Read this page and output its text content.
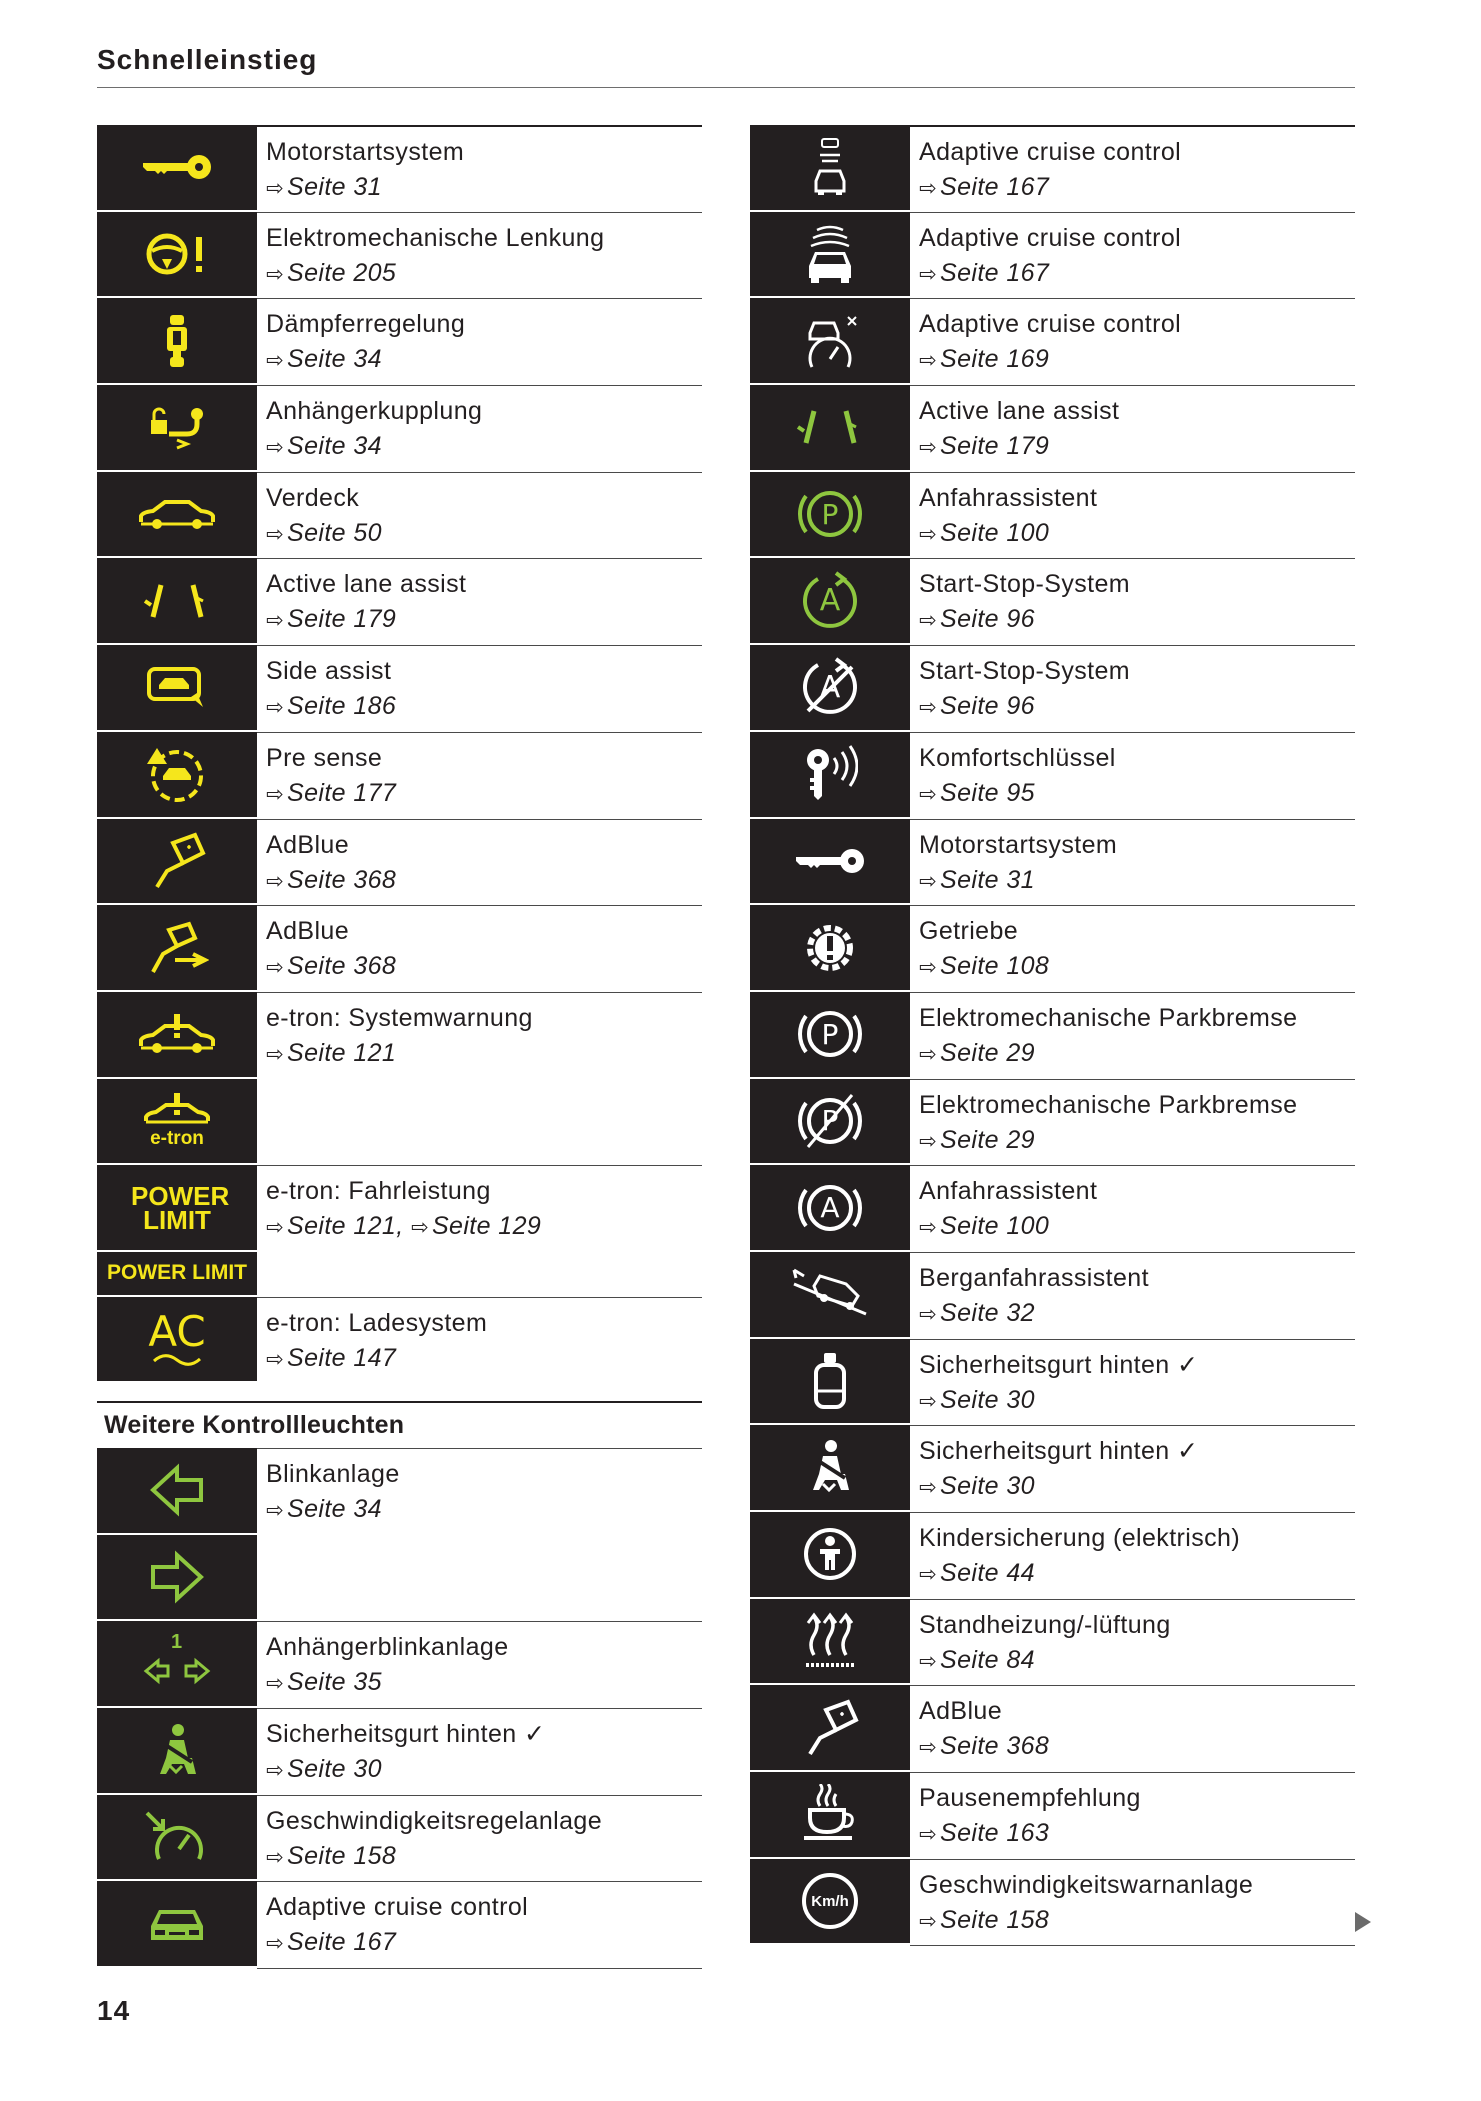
Schnelleinstieg
Motorstartsystem
⇨ Seite 31
Elektromechanische Lenkung
⇨ Seite 205
Dämpferregelung
⇨ Seite 34
Anhängerkupplung
⇨ Seite 34
Verdeck
⇨ Seite 50
Active lane assist
⇨ Seite 179
Side assist
⇨ Seite 186
Pre sense
⇨ Seite 177
AdBlue
⇨ Seite 368
AdBlue
⇨ Seite 368
e-tron: Systemwarnung
⇨ Seite 121
e-tron
POWER LIMIT
e-tron: Fahrleistung
⇨ Seite 121, ⇨ Seite 129
POWER LIMIT
AC e-tron: Ladesystem
⇨ Seite 147
Weitere Kontrollleuchten
Blinkanlage
⇨ Seite 34
1	Anhängerblinkanlage
⇨ Seite 35
Sicherheitsgurt hinten ✓
⇨ Seite 30
Geschwindigkeitsregelanlage
⇨ Seite 158
Adaptive cruise control
⇨ Seite 167
Adaptive cruise control
⇨ Seite 167
Adaptive cruise control
⇨ Seite 167
Adaptive cruise control
⇨ Seite 169
Active lane assist
⇨ Seite 179
P	Anfahrassistent
⇨ Seite 100
A	Start-Stop-System
⇨ Seite 96
A	Start-Stop-System
⇨ Seite 96
Komfortschlüssel
⇨ Seite 95
Motorstartsystem
⇨ Seite 31
Getriebe
⇨ Seite 108
P	Elektromechanische Parkbremse
⇨ Seite 29
P	Elektromechanische Parkbremse
⇨ Seite 29
A	Anfahrassistent
⇨ Seite 100
Berganfahrassistent
⇨ Seite 32
Sicherheitsgurt hinten ✓
⇨ Seite 30
Sicherheitsgurt hinten ✓
⇨ Seite 30
Kindersicherung (elektrisch)
⇨ Seite 44
Standheizung/-lüftung
⇨ Seite 84
AdBlue
⇨ Seite 368
Pausenempfehlung
⇨ Seite 163
Km/h
Geschwindigkeitswarnanlage
⇨ Seite 158
14
